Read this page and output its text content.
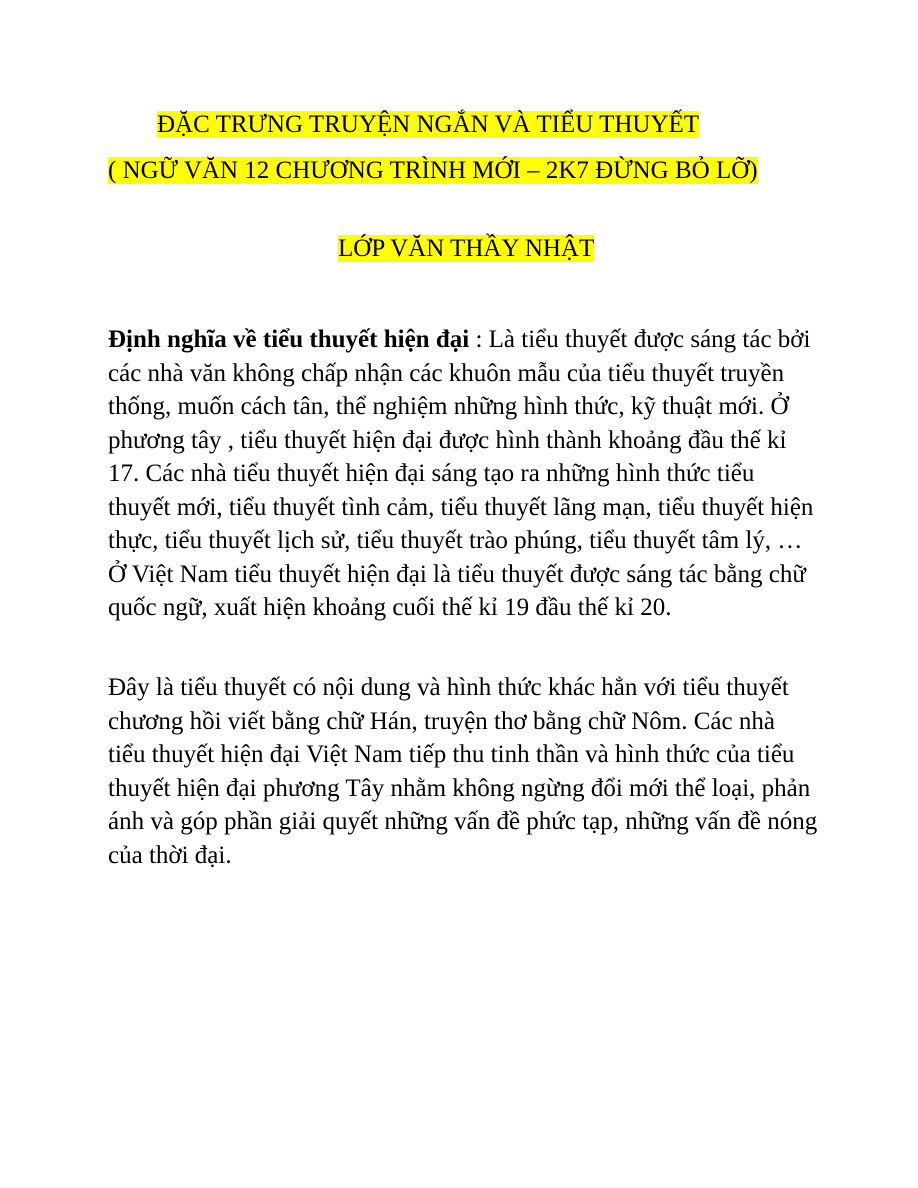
ĐẶC TRƯNG TRUYỆN NGẮN VÀ TIỂU THUYẾT
( NGỮ VĂN 12 CHƯƠNG TRÌNH MỚI – 2K7 ĐỪNG BỎ LỠ)
LỚP VĂN THẦY NHẬT

Định nghĩa về tiểu thuyết hiện đại : Là tiểu thuyết được sáng tác bởi các nhà văn không chấp nhận các khuôn mẫu của tiểu thuyết truyền thống, muốn cách tân, thể nghiệm những hình thức, kỹ thuật mới. Ở phương tây , tiểu thuyết hiện đại được hình thành khoảng đầu thế kỉ 17. Các nhà tiểu thuyết hiện đại sáng tạo ra những hình thức tiểu thuyết mới, tiểu thuyết tình cảm, tiểu thuyết lãng mạn, tiểu thuyết hiện thực, tiểu thuyết lịch sử, tiểu thuyết trào phúng, tiểu thuyết tâm lý, … Ở Việt Nam tiểu thuyết hiện đại là tiểu thuyết được sáng tác bằng chữ quốc ngữ, xuất hiện khoảng cuối thế kỉ 19 đầu thế kỉ 20.

Đây là tiểu thuyết có nội dung và hình thức khác hẳn với tiểu thuyết chương hồi viết bằng chữ Hán, truyện thơ bằng chữ Nôm. Các nhà tiểu thuyết hiện đại Việt Nam tiếp thu tinh thần và hình thức của tiểu thuyết hiện đại phương Tây nhằm không ngừng đổi mới thể loại, phản ánh và góp phần giải quyết những vấn đề phức tạp, những vấn đề nóng của thời đại.
